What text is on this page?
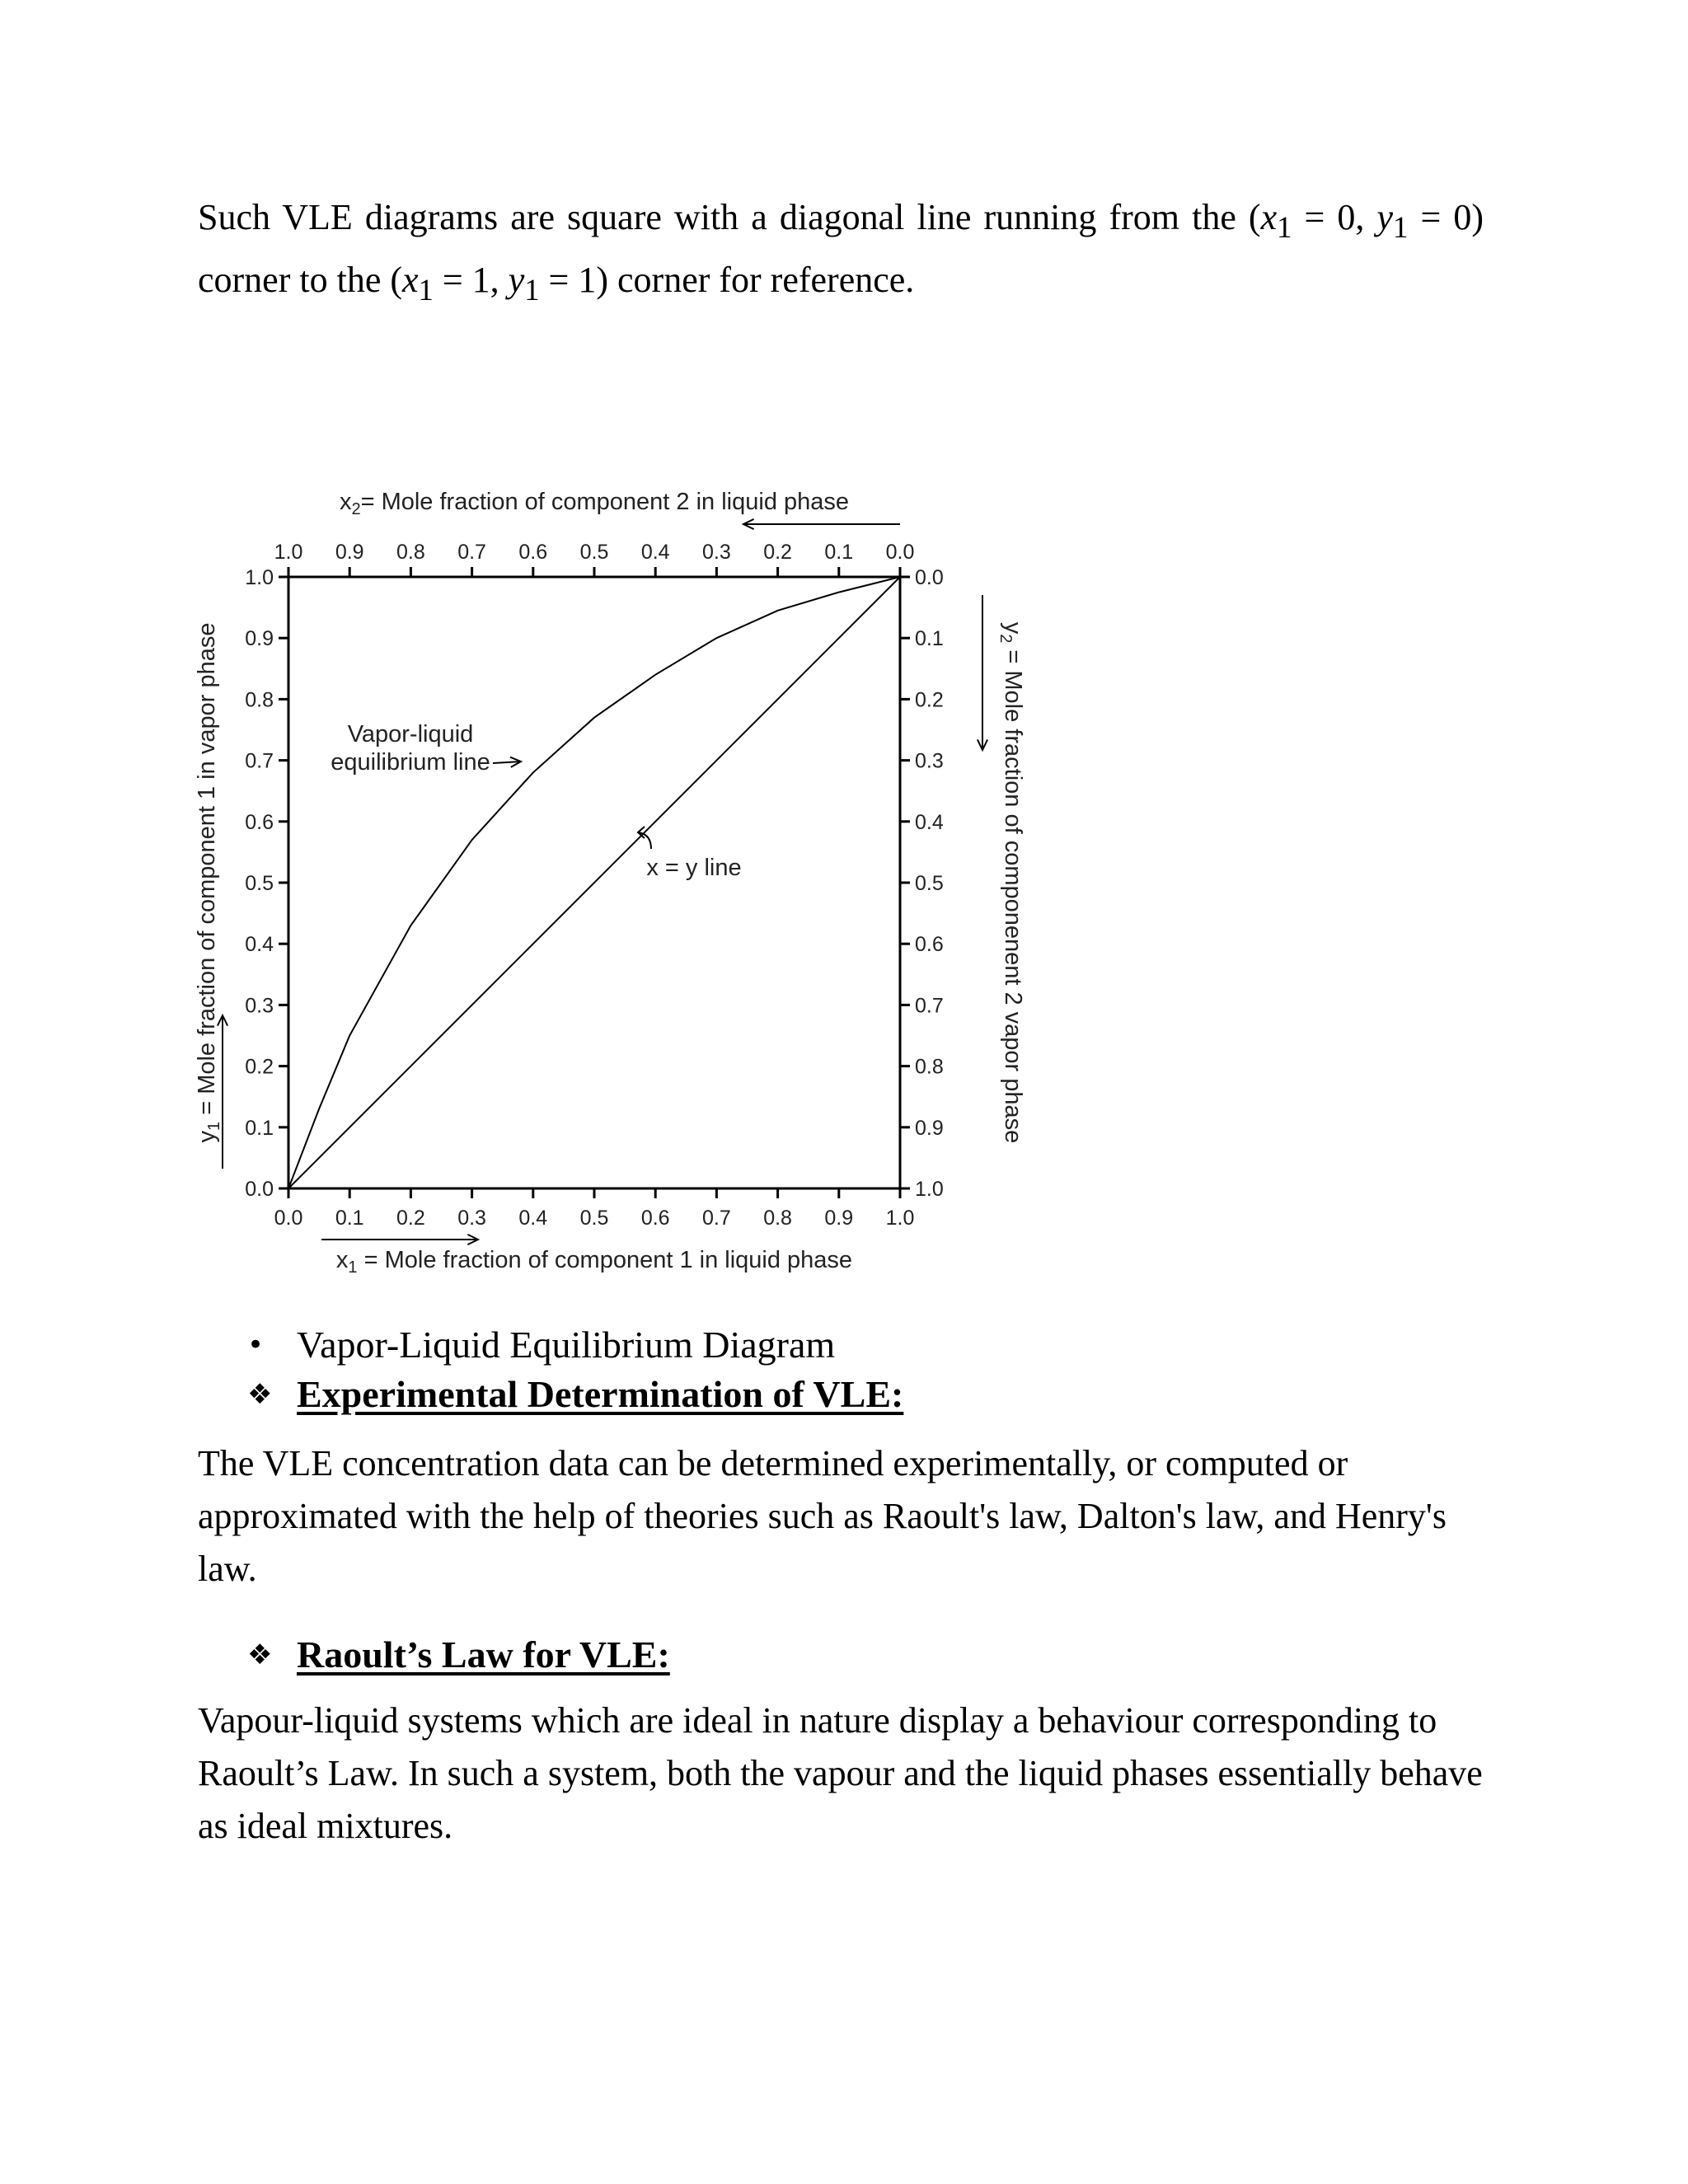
Such VLE diagrams are square with a diagonal line running from the ($x_1 = 0$, $y_1 = 0$) corner to the ($x_1 = 1$, $y_1 = 1$) corner for reference.

0.0
1.0
0.0	1.0
0.1
0.9
0.1	0.9
0.2
0.8
0.2	0.8
0.3
0.7
0.3	0.7
0.4
0.6
0.4	0.6
0.5
0.5
0.5	0.5
0.6
0.4
0.6	0.4
0.7
0.3
0.7	0.3
0.8
0.2
0.8	0.2
0.9
0.1
0.9	0.1
1.0
0.0
1.0	0.0
$x_2=$ Mole fraction of component 2 in liquid phase
$x_1$ = Mole fraction of component 1 in liquid phase
$y_1$ = Mole fraction of component 1 in vapor phase	$y_2$ = Mole fraction of componenent 2 vapor phase
Vapor-liquid
equilibrium line
x = y line
• Vapor-Liquid Equilibrium Diagram
❖ Experimental Determination of VLE:

The VLE concentration data can be determined experimentally, or computed or approximated with the help of theories such as Raoult's law, Dalton's law, and Henry's law.

❖ Raoult’s Law for VLE:

Vapour-liquid systems which are ideal in nature display a behaviour corresponding to Raoult’s Law. In such a system, both the vapour and the liquid phases essentially behave as ideal mixtures.
